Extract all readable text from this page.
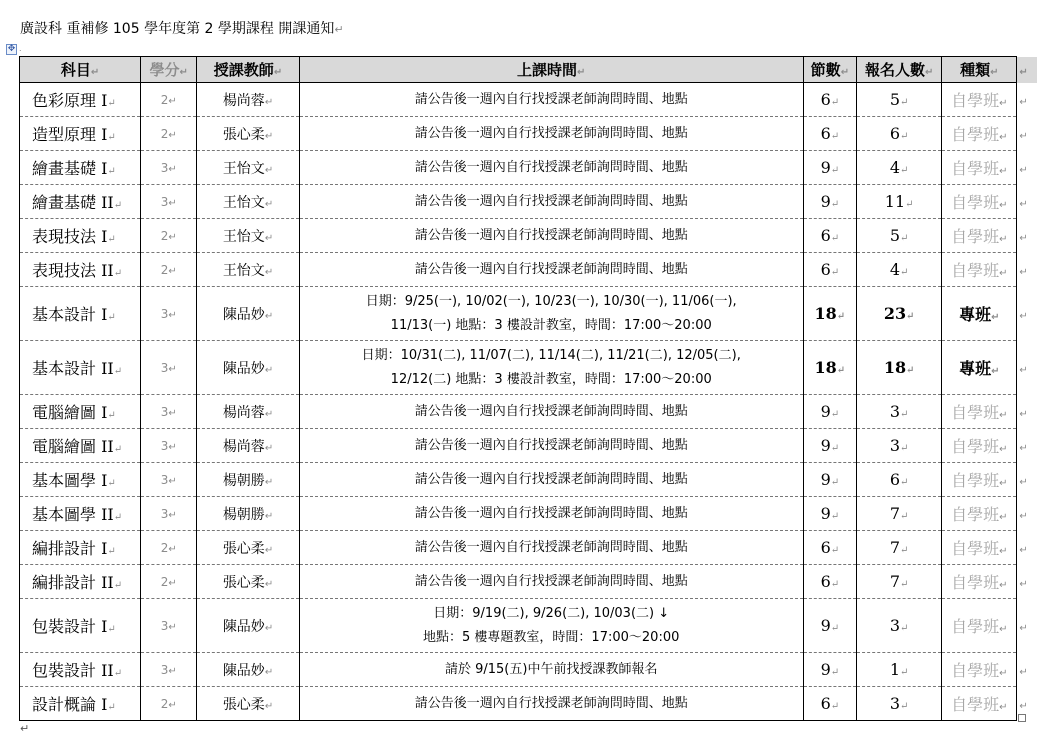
廣設科 重補修 105 學年度第 2 學期課程 開課通知↵
✥ .
科目↵	學分↵	授課教師↵	上課時間↵	節數↵	報名人數↵	種類↵	↵
色彩原理 I↵	2↵	楊尚蓉↵	請公告後一週內自行找授課老師詢問時間、地點	6↵	5↵	自學班↵	↵
造型原理 I↵	2↵	張心柔↵	請公告後一週內自行找授課老師詢問時間、地點	6↵	6↵	自學班↵	↵
繪畫基礎 I↵	3↵	王怡文↵	請公告後一週內自行找授課老師詢問時間、地點	9↵	4↵	自學班↵	↵
繪畫基礎 II↵	3↵	王怡文↵	請公告後一週內自行找授課老師詢問時間、地點	9↵	11↵	自學班↵	↵
表現技法 I↵	2↵	王怡文↵	請公告後一週內自行找授課老師詢問時間、地點	6↵	5↵	自學班↵	↵
表現技法 II↵	2↵	王怡文↵	請公告後一週內自行找授課老師詢問時間、地點	6↵	4↵	自學班↵	↵
基本設計 I↵	3↵	陳品妙↵	日期：9/25(一), 10/02(一), 10/23(一), 10/30(一), 11/06(一),
11/13(一) 地點：3 樓設計教室，時間：17:00～20:00	18↵	23↵	專班↵	↵
基本設計 II↵	3↵	陳品妙↵	日期：10/31(二), 11/07(二), 11/14(二), 11/21(二), 12/05(二),
12/12(二) 地點：3 樓設計教室，時間：17:00～20:00	18↵	18↵	專班↵	↵
電腦繪圖 I↵	3↵	楊尚蓉↵	請公告後一週內自行找授課老師詢問時間、地點	9↵	3↵	自學班↵	↵
電腦繪圖 II↵	3↵	楊尚蓉↵	請公告後一週內自行找授課老師詢問時間、地點	9↵	3↵	自學班↵	↵
基本圖學 I↵	3↵	楊朝勝↵	請公告後一週內自行找授課老師詢問時間、地點	9↵	6↵	自學班↵	↵
基本圖學 II↵	3↵	楊朝勝↵	請公告後一週內自行找授課老師詢問時間、地點	9↵	7↵	自學班↵	↵
編排設計 I↵	2↵	張心柔↵	請公告後一週內自行找授課老師詢問時間、地點	6↵	7↵	自學班↵	↵
編排設計 II↵	2↵	張心柔↵	請公告後一週內自行找授課老師詢問時間、地點	6↵	7↵	自學班↵	↵
包裝設計 I↵	3↵	陳品妙↵	日期：9/19(二), 9/26(二), 10/03(二) ↓
地點：5 樓專題教室，時間：17:00～20:00	9↵	3↵	自學班↵	↵
包裝設計 II↵	3↵	陳品妙↵	請於 9/15(五)中午前找授課教師報名	9↵	1↵	自學班↵	↵
設計概論 I↵	2↵	張心柔↵	請公告後一週內自行找授課老師詢問時間、地點	6↵	3↵	自學班↵	↵
↵
